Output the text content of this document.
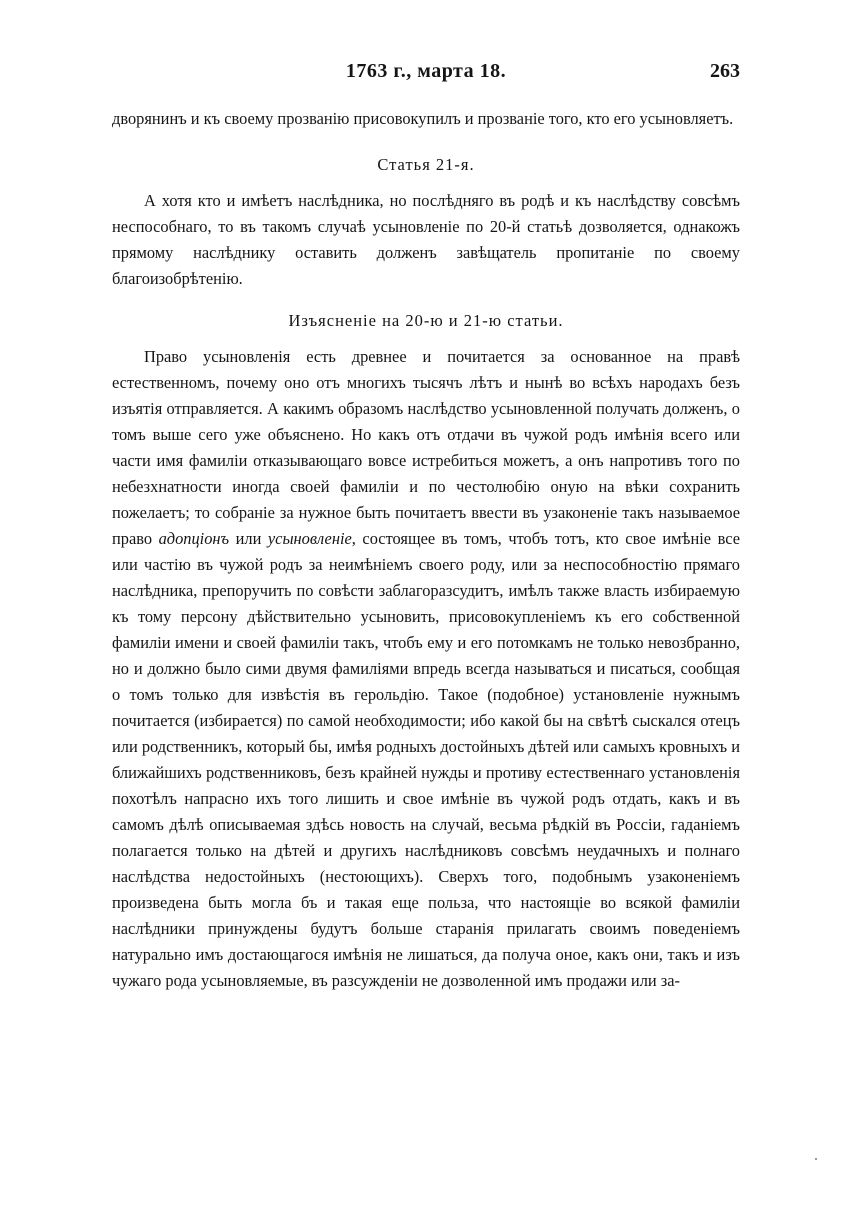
1763 г., марта 18.	263

дворянинъ и къ своему прозванію присовокупилъ и прозваніе того, кто его усыновляетъ.

Статья 21-я.

А хотя кто и имѣетъ наслѣдника, но послѣдняго въ родѣ и къ наслѣдству совсѣмъ неспособнаго, то въ такомъ случаѣ усыновленіе по 20-й статьѣ дозволяется, однакожъ прямому наслѣднику оставить долженъ завѣщатель пропитаніе по своему благоизобрѣтенію.

Изъясненіе на 20-ю и 21-ю статьи.

Право усыновленія есть древнее и почитается за основанное на правѣ естественномъ, почему оно отъ многихъ тысячъ лѣтъ и нынѣ во всѣхъ народахъ безъ изъятія отправляется. А какимъ образомъ наслѣдство усыновленной получать долженъ, о томъ выше сего уже объяснено. Но какъ отъ отдачи въ чужой родъ имѣнія всего или части имя фамиліи отказывающаго вовсе истребиться можетъ, а онъ напротивъ того по небезхнатности иногда своей фамиліи и по честолюбію оную на вѣки сохранить пожелаетъ; то собраніе за нужное быть почитаетъ ввести въ узаконеніе такъ называемое право адопціонъ или усыновленіе, состоящее въ томъ, чтобъ тотъ, кто свое имѣніе все или частію въ чужой родъ за неимѣніемъ своего роду, или за неспособностію прямаго наслѣдника, препоручить по совѣсти заблагоразсудитъ, имѣлъ также власть избираемую къ тому персону дѣйствительно усыновить, присовокупленіемъ къ его собственной фамиліи имени и своей фамиліи такъ, чтобъ ему и его потомкамъ не только невозбранно, но и должно было сими двумя фамиліями впредь всегда называться и писаться, сообщая о томъ только для извѣстія въ герольдію. Такое (подобное) установленіе нужнымъ почитается (избирается) по самой необходимости; ибо какой бы на свѣтѣ сыскался отецъ или родственникъ, который бы, имѣя родныхъ достойныхъ дѣтей или самыхъ кровныхъ и ближайшихъ родственниковъ, безъ крайней нужды и противу естественнаго установленія похотѣлъ напрасно ихъ того лишить и свое имѣніе въ чужой родъ отдать, какъ и въ самомъ дѣлѣ описываемая здѣсь новость на случай, весьма рѣдкій въ Россіи, гаданіемъ полагается только на дѣтей и другихъ наслѣдниковъ совсѣмъ неудачныхъ и полнаго наслѣдства недостойныхъ (нестоющихъ). Сверхъ того, подобнымъ узаконеніемъ произведена быть могла бъ и такая еще польза, что настоящіе во всякой фамиліи наслѣдники принуждены будутъ больше старанія прилагать своимъ поведеніемъ натурально имъ достающагося имѣнія не лишаться, да получа оное, какъ они, такъ и изъ чужаго рода усыновляемые, въ разсужденіи не дозволенной имъ продажи или за-
